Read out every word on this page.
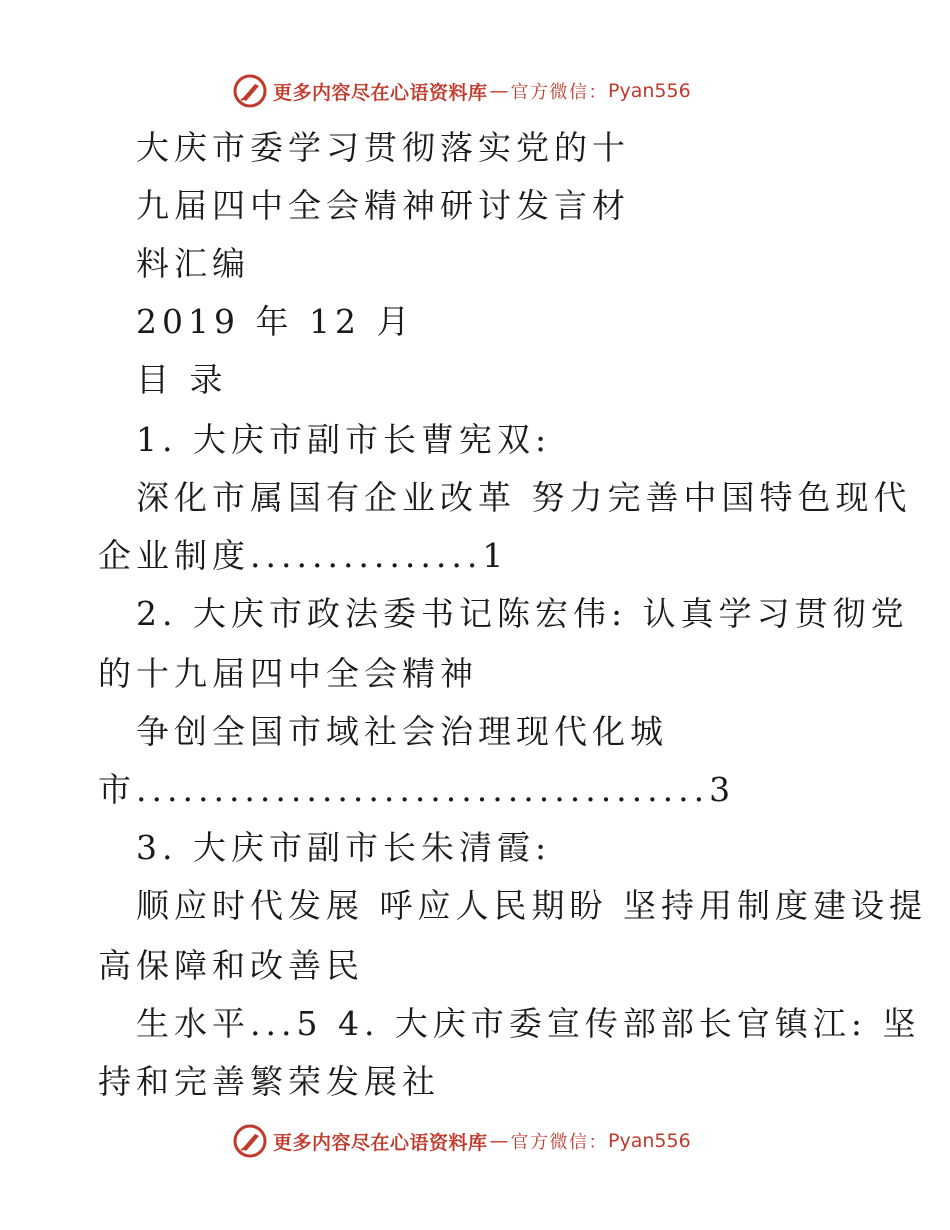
更多内容尽在心语资料库 — 官方微信： Pyan556
大庆市委学习贯彻落实党的十
九届四中全会精神研讨发言材
料汇编
2019 年 12 月
目 录
1. 大庆市副市长曹宪双:
深化市属国有企业改革 努力完善中国特色现代
企业制度...............1
2. 大庆市政法委书记陈宏伟: 认真学习贯彻党
的十九届四中全会精神
争创全国市域社会治理现代化城
市.....................................3
3. 大庆市副市长朱清霞:
顺应时代发展 呼应人民期盼 坚持用制度建设提
高保障和改善民
生水平...5 4. 大庆市委宣传部部长官镇江: 坚
持和完善繁荣发展社
更多内容尽在心语资料库 — 官方微信： Pyan556
